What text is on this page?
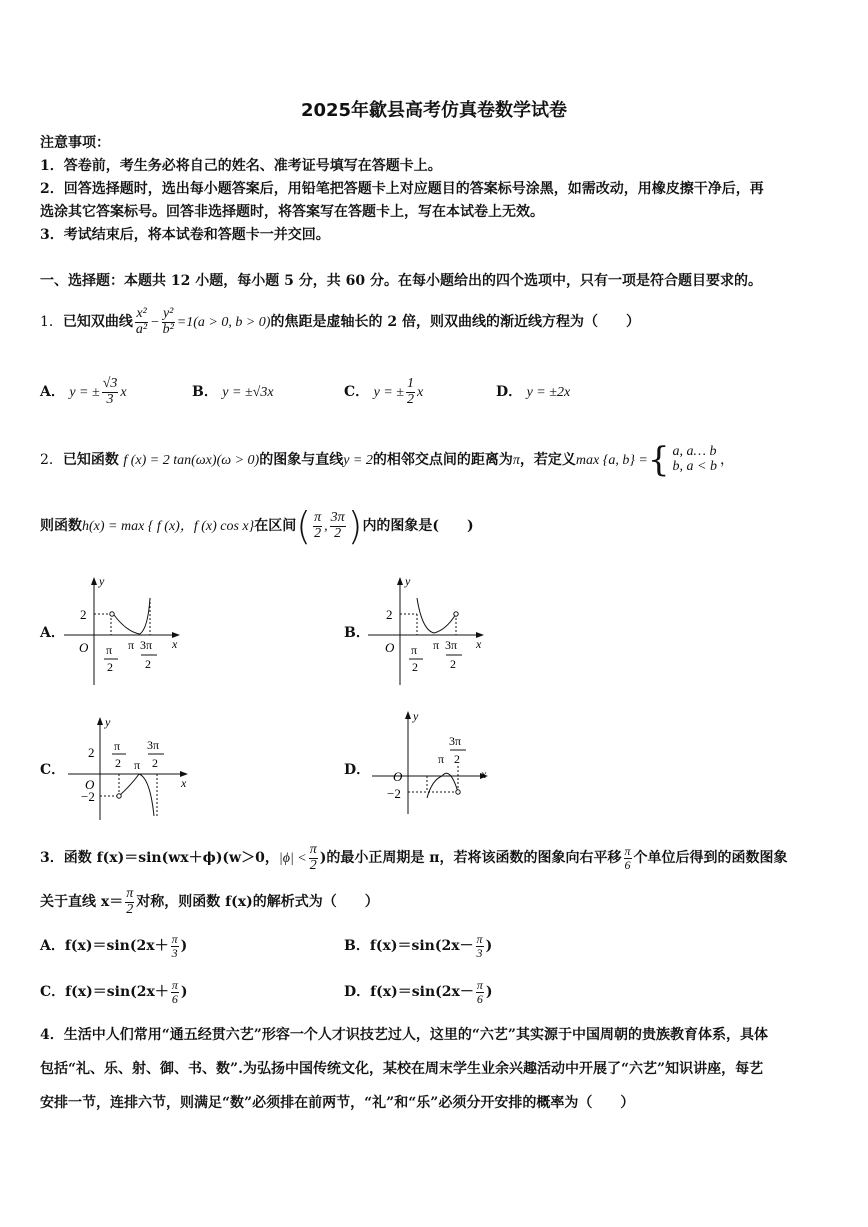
2025年歙县高考仿真卷数学试卷
注意事项：
1．答卷前，考生务必将自己的姓名、准考证号填写在答题卡上。
2．回答选择题时，选出每小题答案后，用铅笔把答题卡上对应题目的答案标号涂黑，如需改动，用橡皮擦干净后，再
选涂其它答案标号。回答非选择题时，将答案写在答题卡上，写在本试卷上无效。
3．考试结束后，将本试卷和答题卡一并交回。
一、选择题：本题共 12 小题，每小题 5 分，共 60 分。在每小题给出的四个选项中，只有一项是符合题目要求的。
1．已知双曲线 $\frac{\text{x²}}{\text{a²}} - \frac{\text{y²}}{\text{b²}} =1(a > 0$, b > 0)的焦距是虚轴长的 2 倍，则双曲线的渐近线方程为（　　）
A． y = ± $\frac{√3}{3}$ x	B． y = ±√3x	C． y = ± $\frac{1}{2}$ x	D． y = ±2x
2．已知函数 f (x) = 2 tan(ωx)(ω > 0)的图象与直线y = 2的相邻交点间的距离为π，若定义max {a, b} ={ a, a… b
b, a < b ，
则函数h(x) = max { f (x)，f (x) cos x}在区间( $\frac{\pi}{2}$ , $\frac{3\pi}{2}$ )内的图象是(　　)
A．	B．
C．	D．
y
x
O
2
π
2
π 3π
2
y
x
O
2
π
2
π 3π
2
y
x
O
2
−2
π
2 π
3π
2
y
x
O
−2
π
3π
2
3．函数 f(x)＝sin(wx＋ϕ)(w＞0，$|\phi| < \frac{\pi}{2}$ )的最小正周期是 π，若将该函数的图象向右平移 $\frac{\pi}{6}$ 个单位后得到的函数图象
关于直线 $x= \frac{\pi}{2}$ 对称，则函数 f(x)的解析式为（　　）
A．$f(x)=\sin(2x+ \frac{\pi}{3}$ )	B．$f(x)=\sin(2x- \frac{\pi}{3}$ )
C．$f(x)=\sin(2x+ \frac{\pi}{6}$ )	D．$f(x)=\sin(2x- \frac{\pi}{6}$ )
4．生活中人们常用“通五经贯六艺”形容一个人才识技艺过人，这里的“六艺”其实源于中国周朝的贵族教育体系，具体
包括“礼、乐、射、御、书、数”.为弘扬中国传统文化，某校在周末学生业余兴趣活动中开展了“六艺”知识讲座，每艺
安排一节，连排六节，则满足“数”必须排在前两节，“礼”和“乐”必须分开安排的概率为（　　）
